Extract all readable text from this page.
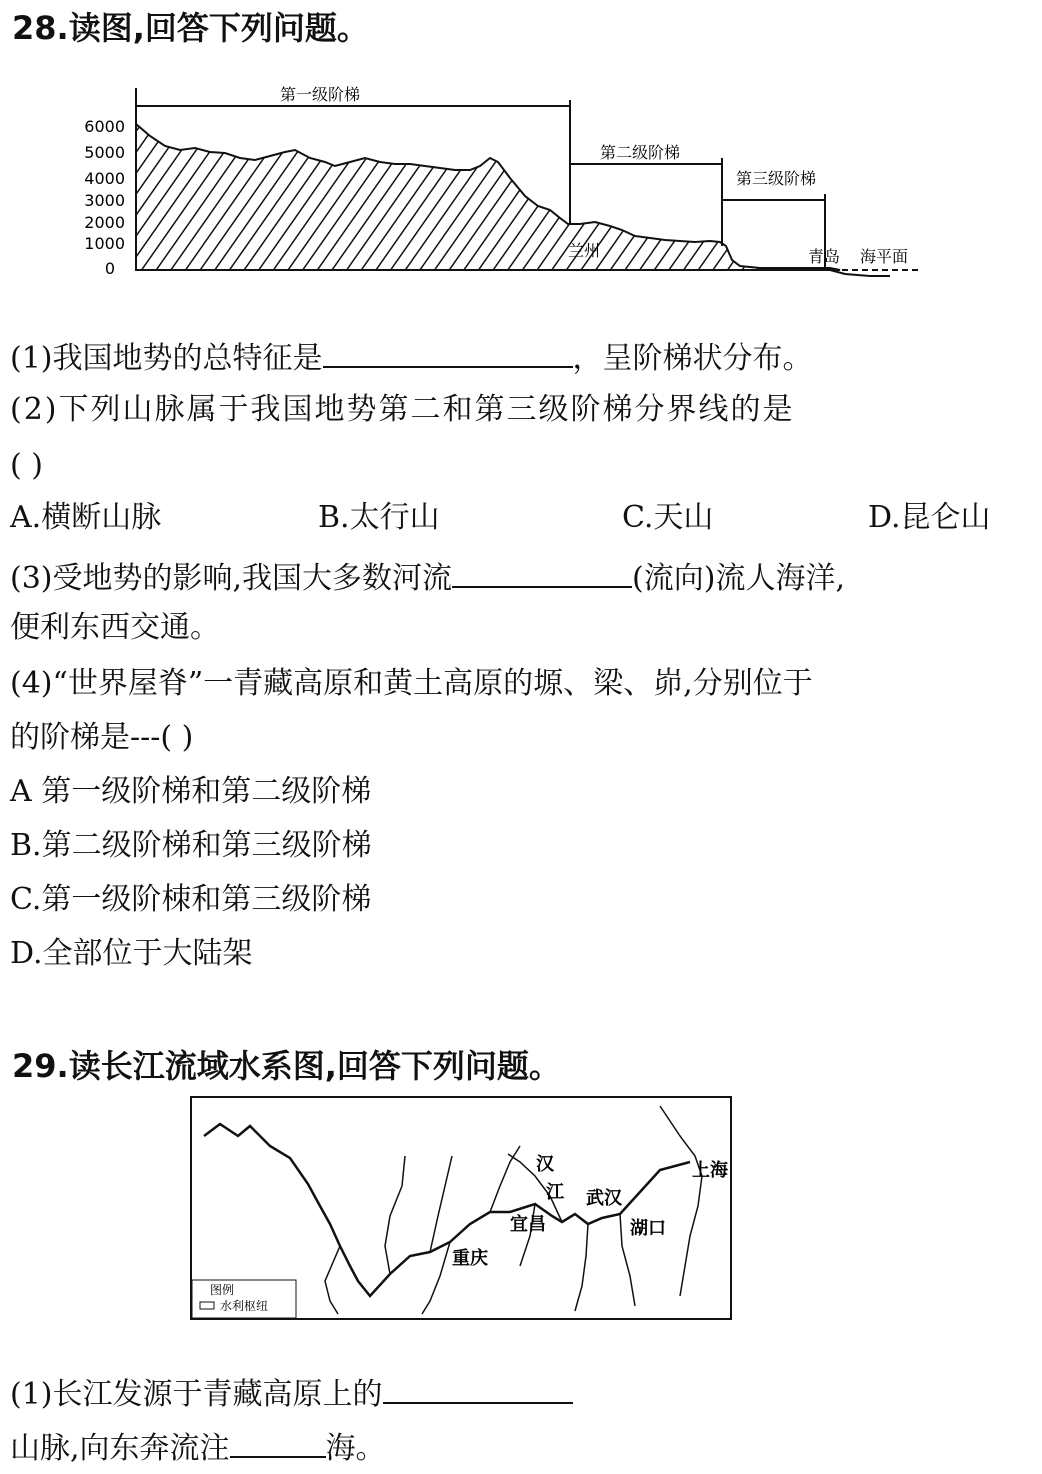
28.读图,回答下列问题。
6000
5000
4000
3000
2000
1000
0
第一级阶梯
第二级阶梯
第三级阶梯
兰州	青岛 海平面
(1)我国地势的总特征是	，呈阶梯状分布。
(2)下列山脉属于我国地势第二和第三级阶梯分界线的是
( )
A.横断山脉	B.太行山	C.天山	D.昆仑山
(3)受地势的影响,我国大多数河流	(流向)流人海洋,
便利东西交通。
(4)“世界屋脊”一青藏高原和黄土高原的塬、梁、峁,分别位于
的阶梯是---( )
A 第一级阶梯和第二级阶梯
B.第二级阶梯和第三级阶梯
C.第一级阶栜和第三级阶梯
D.全部位于大陆架
29.读长江流域水系图,回答下列问题。
汉
江
上海
武汉
宜昌	湖口
重庆
图例
水利枢纽
(1)长江发源于青藏高原上的
山脉,向东奔流注	海。
